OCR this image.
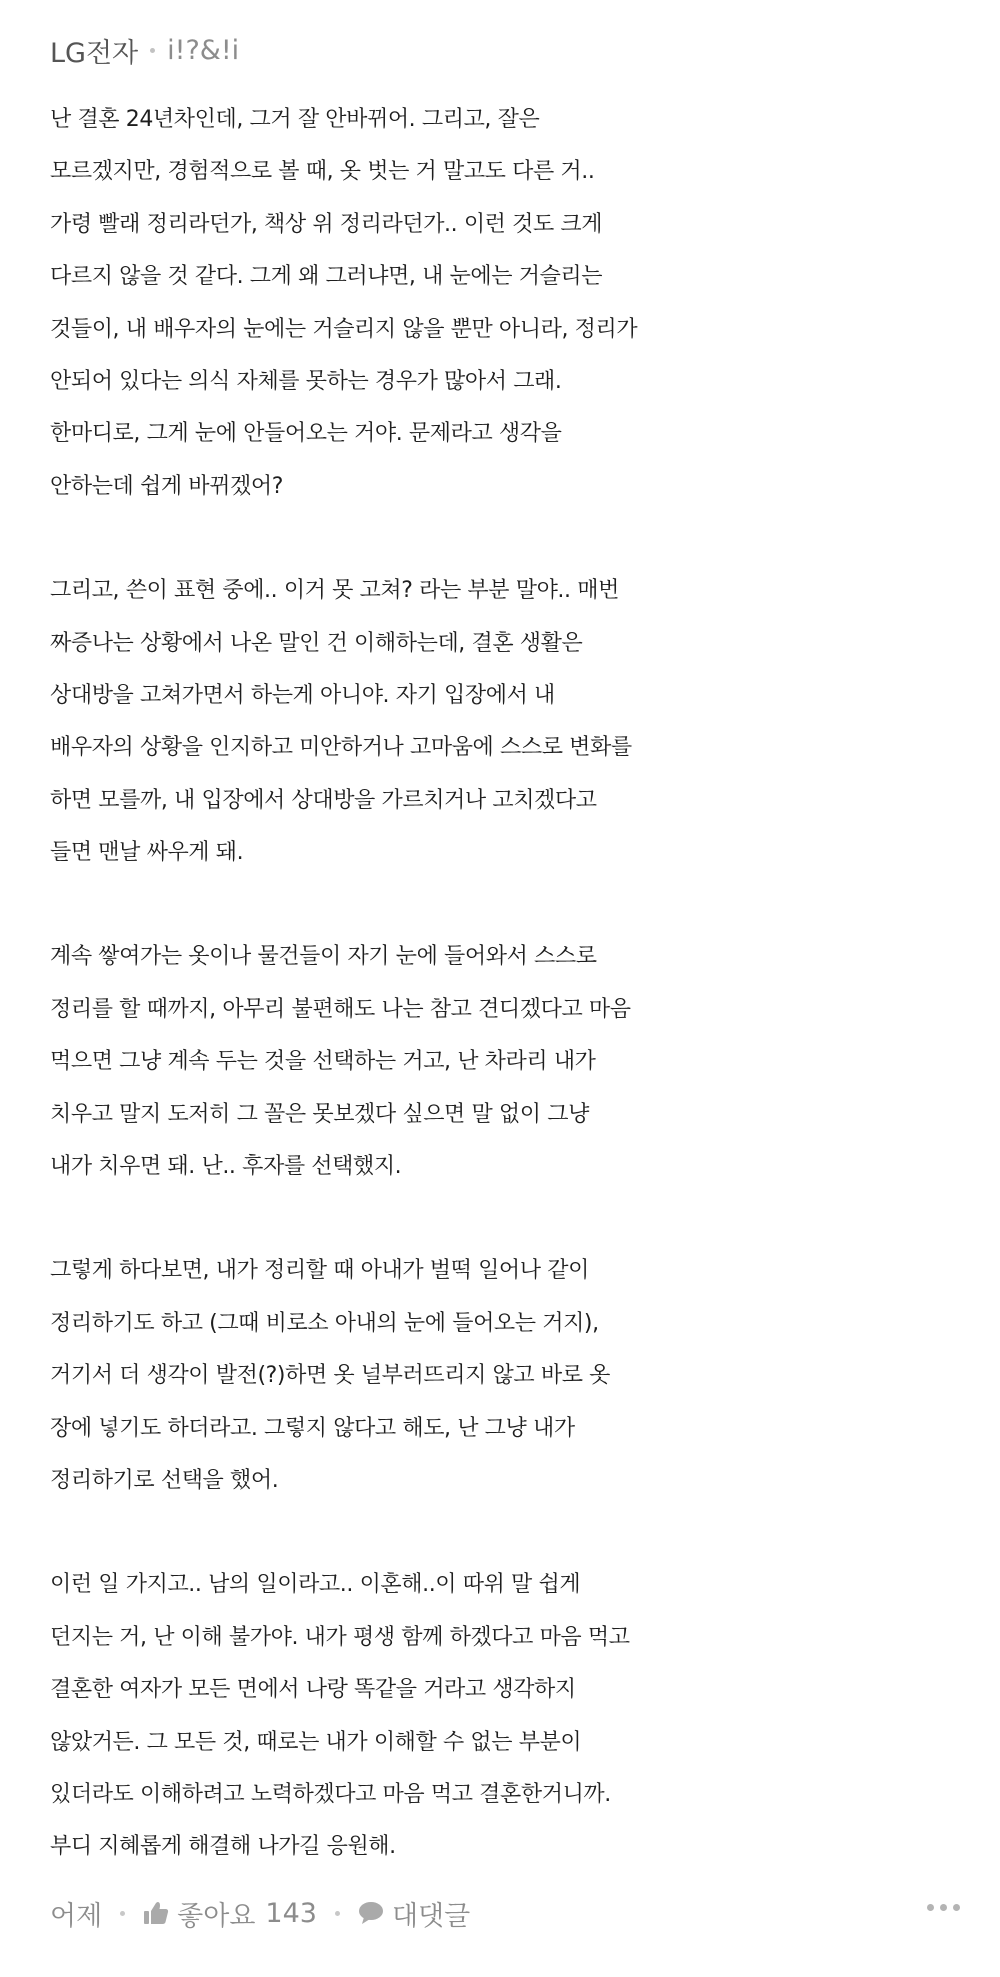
LG전자 i!?&!i
난 결혼 24년차인데, 그거 잘 안바뀌어. 그리고, 잘은
모르겠지만, 경험적으로 볼 때, 옷 벗는 거 말고도 다른 거..
가령 빨래 정리라던가, 책상 위 정리라던가.. 이런 것도 크게
다르지 않을 것 같다. 그게 왜 그러냐면, 내 눈에는 거슬리는
것들이, 내 배우자의 눈에는 거슬리지 않을 뿐만 아니라, 정리가
안되어 있다는 의식 자체를 못하는 경우가 많아서 그래.
한마디로, 그게 눈에 안들어오는 거야. 문제라고 생각을
안하는데 쉽게 바뀌겠어?
그리고, 쓴이 표현 중에.. 이거 못 고쳐? 라는 부분 말야.. 매번
짜증나는 상황에서 나온 말인 건 이해하는데, 결혼 생활은
상대방을 고쳐가면서 하는게 아니야. 자기 입장에서 내
배우자의 상황을 인지하고 미안하거나 고마움에 스스로 변화를
하면 모를까, 내 입장에서 상대방을 가르치거나 고치겠다고
들면 맨날 싸우게 돼.
계속 쌓여가는 옷이나 물건들이 자기 눈에 들어와서 스스로
정리를 할 때까지, 아무리 불편해도 나는 참고 견디겠다고 마음
먹으면 그냥 계속 두는 것을 선택하는 거고, 난 차라리 내가
치우고 말지 도저히 그 꼴은 못보겠다 싶으면 말 없이 그냥
내가 치우면 돼. 난.. 후자를 선택했지.
그렇게 하다보면, 내가 정리할 때 아내가 벌떡 일어나 같이
정리하기도 하고 (그때 비로소 아내의 눈에 들어오는 거지),
거기서 더 생각이 발전(?)하면 옷 널부러뜨리지 않고 바로 옷
장에 넣기도 하더라고. 그렇지 않다고 해도, 난 그냥 내가
정리하기로 선택을 했어.
이런 일 가지고.. 남의 일이라고.. 이혼해..이 따위 말 쉽게
던지는 거, 난 이해 불가야. 내가 평생 함께 하겠다고 마음 먹고
결혼한 여자가 모든 면에서 나랑 똑같을 거라고 생각하지
않았거든. 그 모든 것, 때로는 내가 이해할 수 없는 부분이
있더라도 이해하려고 노력하겠다고 마음 먹고 결혼한거니까.
부디 지혜롭게 해결해 나가길 응원해.
어제	좋아요 143	대댓글
